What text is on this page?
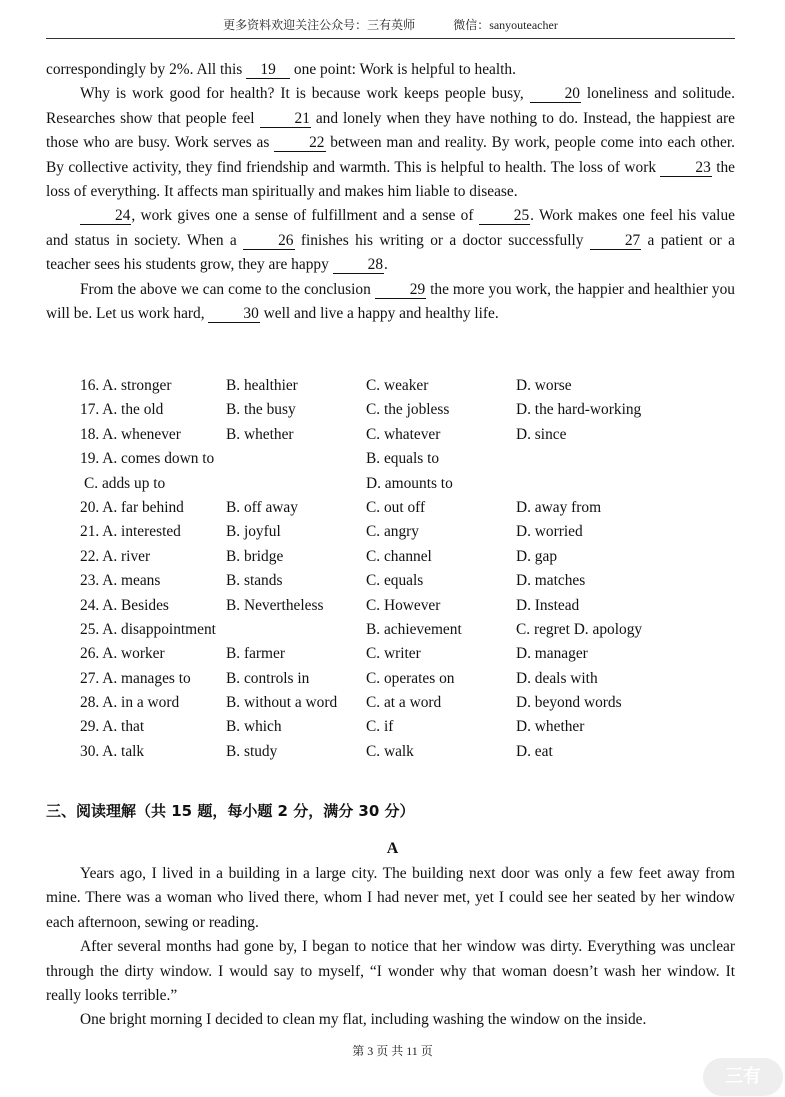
更多资料欢迎关注公众号：三有英师	微信：sanyouteacher

correspondingly by 2%. All this 19 one point: Work is helpful to health.

Why is work good for health? It is because work keeps people busy, 20 loneliness and solitude. Researches show that people feel 21 and lonely when they have nothing to do. Instead, the happiest are those who are busy. Work serves as 22 between man and reality. By work, people come into each other. By collective activity, they find friendship and warmth. This is helpful to health. The loss of work 23 the loss of everything. It affects man spiritually and makes him liable to disease.

24, work gives one a sense of fulfillment and a sense of 25. Work makes one feel his value and status in society. When a 26 finishes his writing or a doctor successfully 27 a patient or a teacher sees his students grow, they are happy 28.

From the above we can come to the conclusion 29 the more you work, the happier and healthier you will be. Let us work hard, 30 well and live a happy and healthy life.

16. A. stronger	B. healthier	C. weaker	D. worse
17. A. the old	B. the busy	C. the jobless	D. the hard-working
18. A. whenever	B. whether	C. whatever	D. since
19. A. comes down to	B. equals to
C. adds up to	D. amounts to
20. A. far behind	B. off away	C. out off	D. away from
21. A. interested	B. joyful	C. angry	D. worried
22. A. river	B. bridge	C. channel	D. gap
23. A. means	B. stands	C. equals	D. matches
24. A. Besides	B. Nevertheless	C. However	D. Instead
25. A. disappointment	B. achievement	C. regret D. apology
26. A. worker	B. farmer	C. writer	D. manager
27. A. manages to B. controls in	C. operates on	D. deals with
28. A. in a word	B. without a word C. at a word	D. beyond words
29. A. that	B. which	C. if	D. whether
30. A. talk	B. study	C. walk	D. eat
三、阅读理解（共 15 题，每小题 2 分，满分 30 分）
A

Years ago, I lived in a building in a large city. The building next door was only a few feet away from mine. There was a woman who lived there, whom I had never met, yet I could see her seated by her window each afternoon, sewing or reading.

After several months had gone by, I began to notice that her window was dirty. Everything was unclear through the dirty window. I would say to myself, “I wonder why that woman doesn’t wash her window. It really looks terrible.”

One bright morning I decided to clean my flat, including washing the window on the inside.

第 3 页 共 11 页
三有
